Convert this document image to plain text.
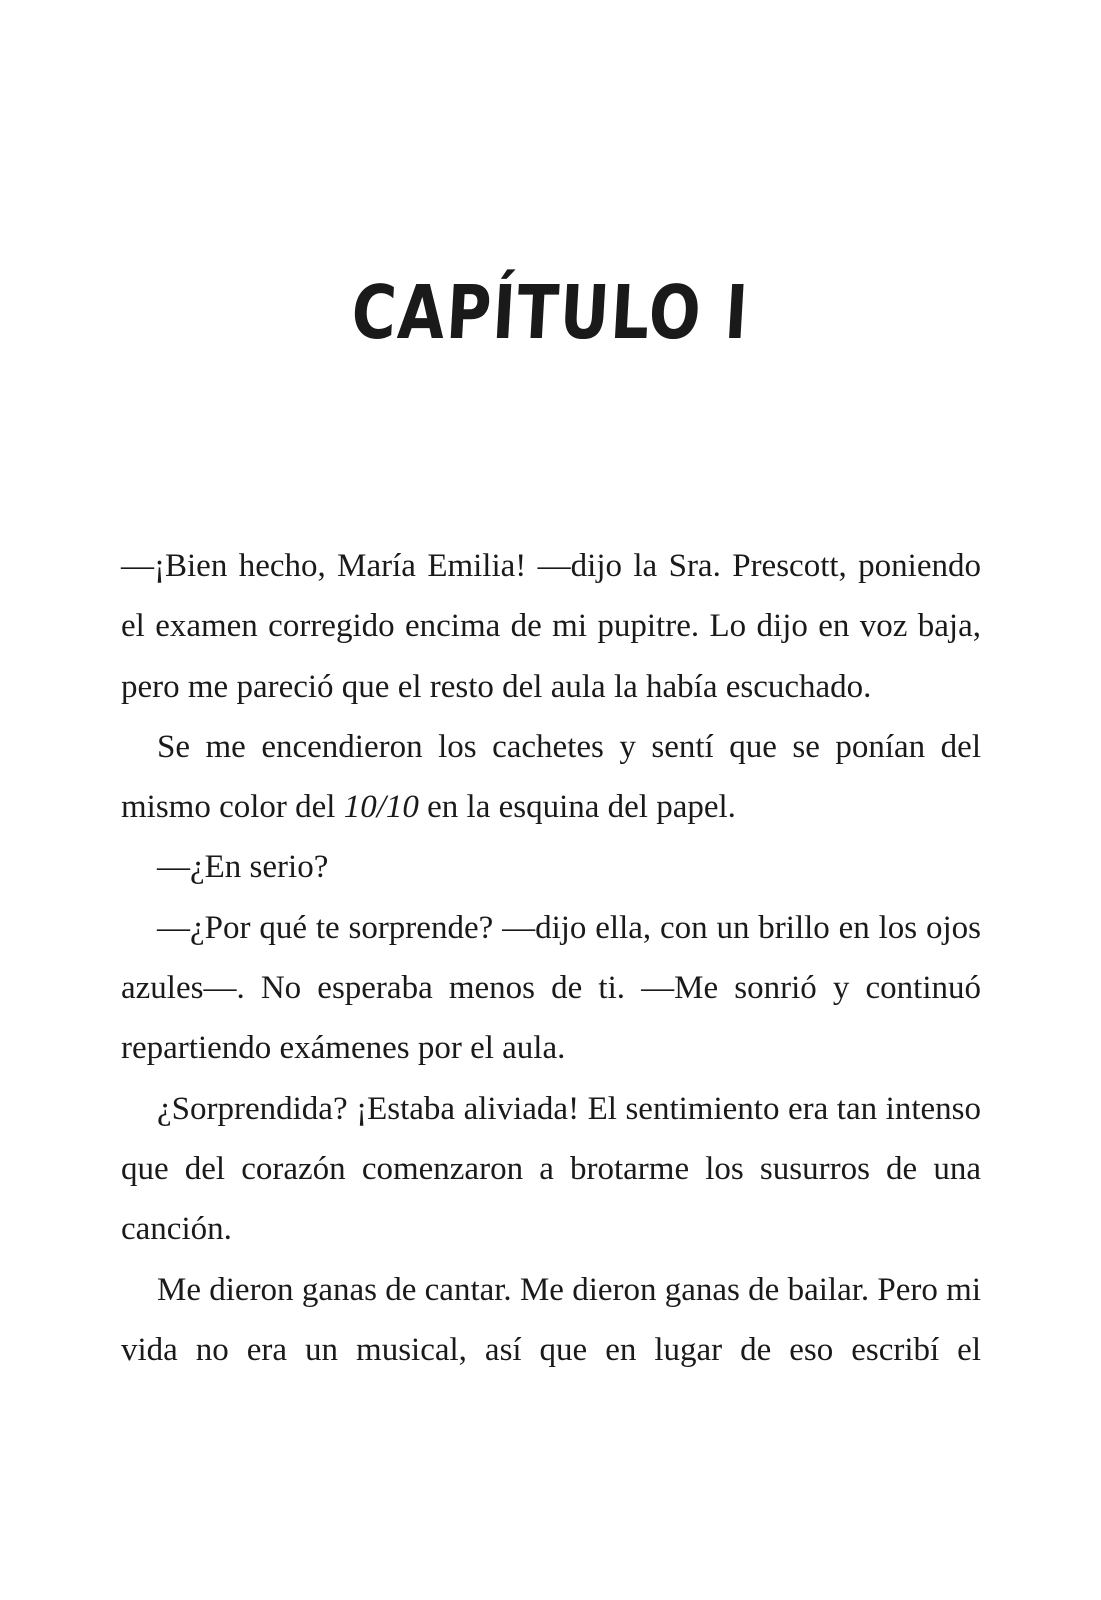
CAPÍTULO I

—¡Bien hecho, María Emilia! —dijo la Sra. Prescott, poniendo el examen corregido encima de mi pupitre. Lo dijo en voz baja, pero me pareció que el resto del aula la había escuchado.

Se me encendieron los cachetes y sentí que se ponían del mismo color del 10/10 en la esquina del papel.

—¿En serio?

—¿Por qué te sorprende? —dijo ella, con un brillo en los ojos azules—. No esperaba menos de ti. —Me sonrió y continuó repartiendo exámenes por el aula.

¿Sorprendida? ¡Estaba aliviada! El sentimiento era tan intenso que del corazón comenzaron a brotarme los susurros de una canción.

Me dieron ganas de cantar. Me dieron ganas de bailar. Pero mi vida no era un musical, así que en lugar de eso escribí el
